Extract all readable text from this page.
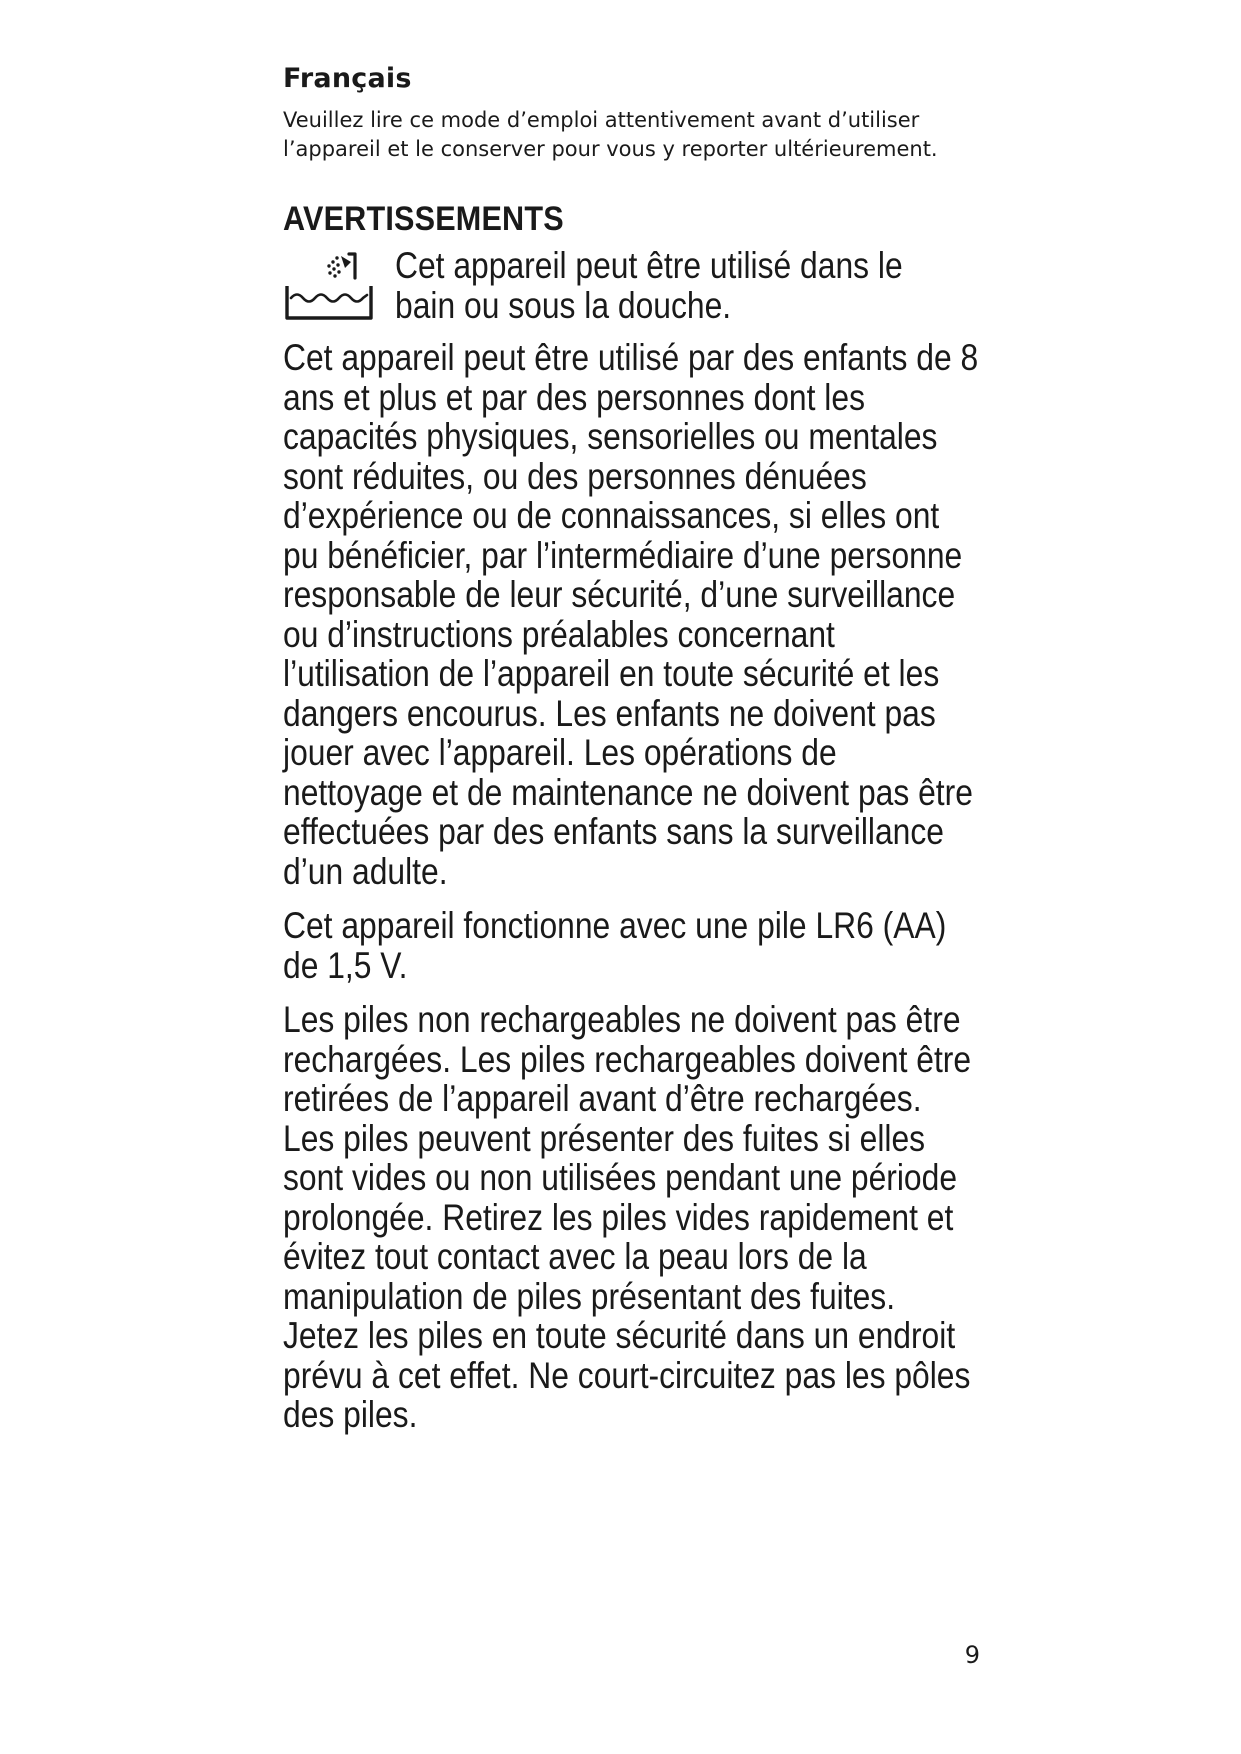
Français

Veuillez lire ce mode d’emploi attentivement avant d’utiliser l’appareil et le conserver pour vous y reporter ultérieurement.

AVERTISSEMENTS
Cet appareil peut être utilisé dans le bain ou sous la douche.

Cet appareil peut être utilisé par des enfants de 8 ans et plus et par des personnes dont les capacités physiques, sensorielles ou mentales sont réduites, ou des personnes dénuées d’expérience ou de connaissances, si elles ont pu bénéficier, par l’intermédiaire d’une personne responsable de leur sécurité, d’une surveillance ou d’instructions préalables concernant l’utilisation de l’appareil en toute sécurité et les dangers encourus. Les enfants ne doivent pas jouer avec l’appareil. Les opérations de nettoyage et de maintenance ne doivent pas être effectuées par des enfants sans la surveillance d’un adulte.

Cet appareil fonctionne avec une pile LR6 (AA) de 1,5 V.

Les piles non rechargeables ne doivent pas être rechargées. Les piles rechargeables doivent être retirées de l’appareil avant d’être rechargées. Les piles peuvent présenter des fuites si elles sont vides ou non utilisées pendant une période prolongée. Retirez les piles vides rapidement et évitez tout contact avec la peau lors de la manipulation de piles présentant des fuites. Jetez les piles en toute sécurité dans un endroit prévu à cet effet. Ne court-circuitez pas les pôles des piles.

9
